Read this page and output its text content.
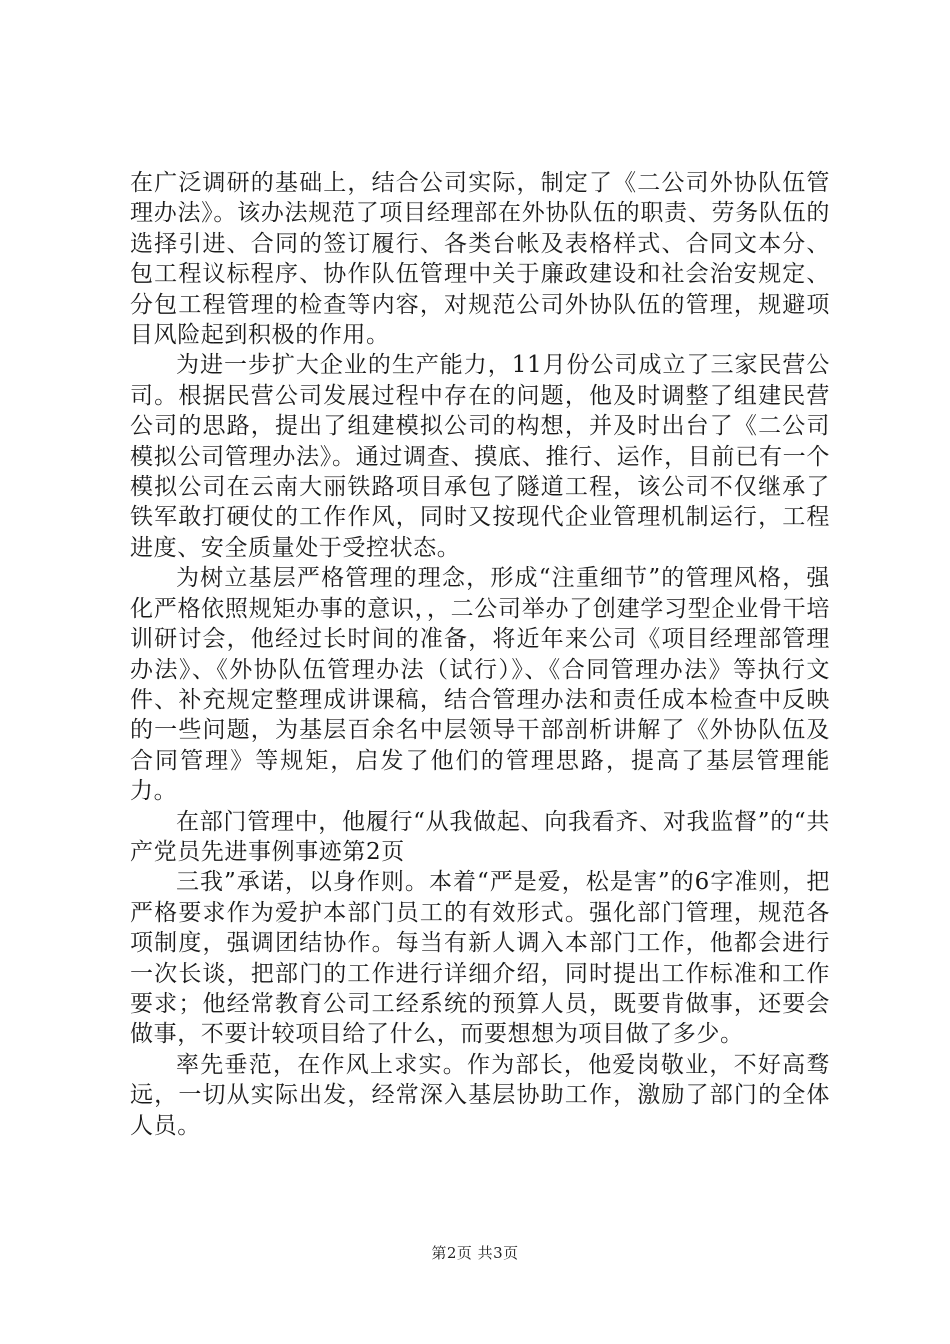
在广泛调研的基础上，结合公司实际，制定了《二公司外协队伍管理办法》。该办法规范了项目经理部在外协队伍的职责、劳务队伍的选择引进、合同的签订履行、各类台帐及表格样式、合同文本分、包工程议标程序、协作队伍管理中关于廉政建设和社会治安规定、分包工程管理的检查等内容，对规范公司外协队伍的管理，规避项目风险起到积极的作用。

为进一步扩大企业的生产能力，11月份公司成立了三家民营公司。根据民营公司发展过程中存在的问题，他及时调整了组建民营公司的思路，提出了组建模拟公司的构想，并及时出台了《二公司模拟公司管理办法》。通过调查、摸底、推行、运作，目前已有一个模拟公司在云南大丽铁路项目承包了隧道工程，该公司不仅继承了铁军敢打硬仗的工作作风，同时又按现代企业管理机制运行，工程进度、安全质量处于受控状态。

为树立基层严格管理的理念，形成“注重细节”的管理风格，强化严格依照规矩办事的意识，，二公司举办了创建学习型企业骨干培训研讨会，他经过长时间的准备，将近年来公司《项目经理部管理办法》、《外协队伍管理办法（试行）》、《合同管理办法》等执行文件、补充规定整理成讲课稿，结合管理办法和责任成本检查中反映的一些问题，为基层百余名中层领导干部剖析讲解了《外协队伍及合同管理》等规矩，启发了他们的管理思路，提高了基层管理能力。

在部门管理中，他履行“从我做起、向我看齐、对我监督”的“共产党员先进事例事迹第2页

三我”承诺，以身作则。本着“严是爱，松是害”的6字准则，把严格要求作为爱护本部门员工的有效形式。强化部门管理，规范各项制度，强调团结协作。每当有新人调入本部门工作，他都会进行一次长谈，把部门的工作进行详细介绍，同时提出工作标准和工作要求；他经常教育公司工经系统的预算人员，既要肯做事，还要会做事，不要计较项目给了什么，而要想想为项目做了多少。

率先垂范，在作风上求实。作为部长，他爱岗敬业，不好高骛远，一切从实际出发，经常深入基层协助工作，激励了部门的全体人员。

第2页 共3页
